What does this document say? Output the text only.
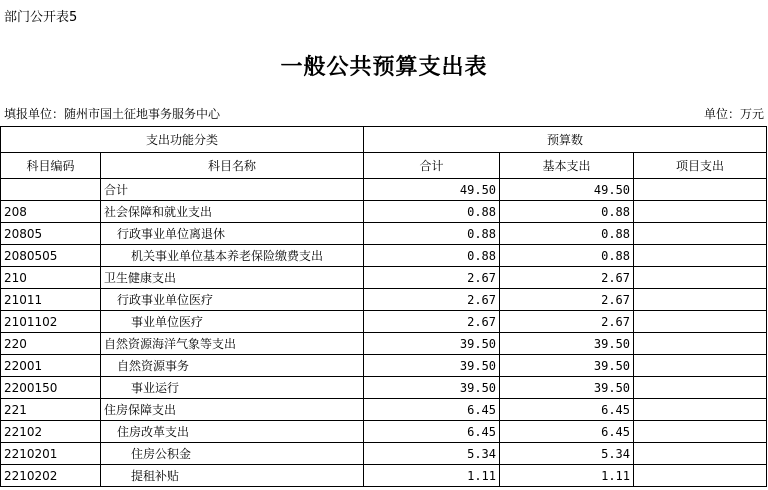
部门公开表5
一般公共预算支出表
填报单位：随州市国土征地事务服务中心	单位：万元
支出功能分类		预算数		
科目编码	科目名称	合计	基本支出	项目支出
	合计	49.50	49.50	
208	社会保障和就业支出	0.88	0.88	
20805	行政事业单位离退休	0.88	0.88	
2080505	机关事业单位基本养老保险缴费支出	0.88	0.88	
210	卫生健康支出	2.67	2.67	
21011	行政事业单位医疗	2.67	2.67	
2101102	事业单位医疗	2.67	2.67	
220	自然资源海洋气象等支出	39.50	39.50	
22001	自然资源事务	39.50	39.50	
2200150	事业运行	39.50	39.50	
221	住房保障支出	6.45	6.45	
22102	住房改革支出	6.45	6.45	
2210201	住房公积金	5.34	5.34	
2210202	提租补贴	1.11	1.11	
